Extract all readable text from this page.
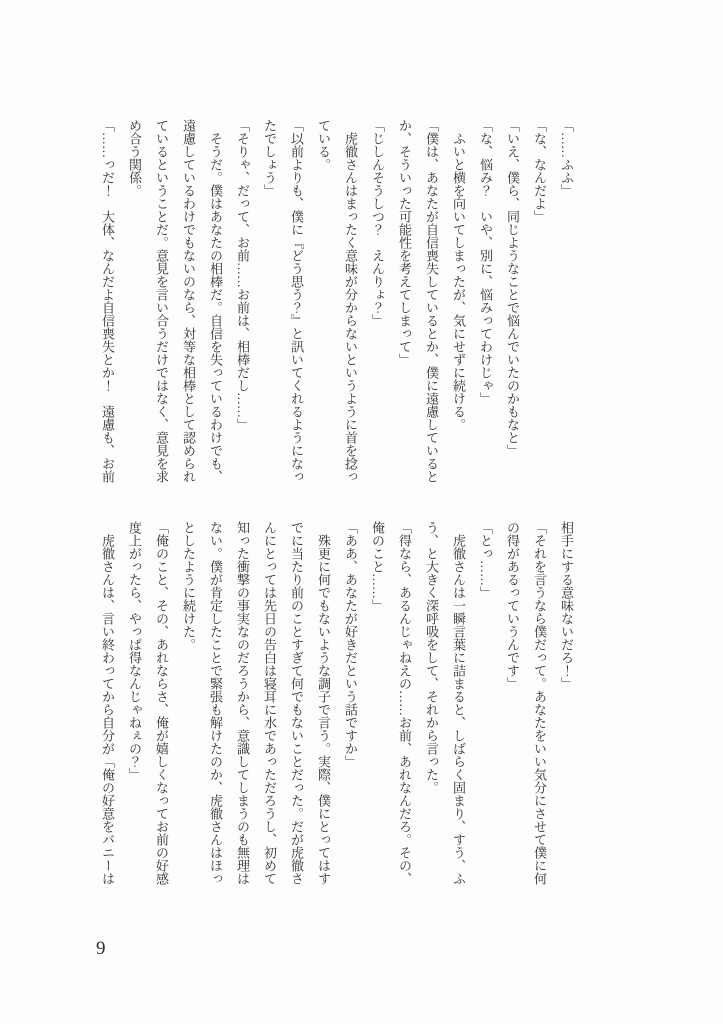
「……ふふ」

「な、なんだよ」

「いえ、僕ら、同じようなことで悩んでいたのかもなと」

「な、悩み？　いや、別に、悩みってわけじゃ」

　ふいと横を向いてしまったが、気にせずに続ける。

「僕は、あなたが自信喪失しているとか、僕に遠慮していると

か、そういった可能性を考えてしまって」

「じしんそうしつ？　えんりょ？」

　虎徹さんはまったく意味が分からないというように首を捻っ

ている。

「以前よりも、僕に『どう思う？』と訊いてくれるようになっ

たでしょう」

「そりゃ、だって、お前……お前は、相棒だし……」

　そうだ。僕はあなたの相棒だ。自信を失っているわけでも、

遠慮しているわけでもないのなら、対等な相棒として認められ

ているということだ。意見を言い合うだけではなく、意見を求

め合う関係。

「……っだ！　大体、なんだよ自信喪失とか！　遠慮も、お前

相手にする意味ないだろ！」

「それを言うなら僕だって。あなたをいい気分にさせて僕に何

の得があるっていうんです」

「とっ……」

　虎徹さんは一瞬言葉に詰まると、しばらく固まり、すう、ふ

う、と大きく深呼吸をして、それから言った。

「得なら、あるんじゃねえの……お前、あれなんだろ。その、

俺のこと……」

「ああ、あなたが好きだという話ですか」

　殊更に何でもないような調子で言う。実際、僕にとってはす

でに当たり前のことすぎて何でもないことだった。だが虎徹さ

んにとっては先日の告白は寝耳に水であっただろうし、初めて

知った衝撃の事実なのだろうから、意識してしまうのも無理は

ない。僕が肯定したことで緊張も解けたのか、虎徹さんはほっ

としたように続けた。

「俺のこと、その、あれならさ、俺が嬉しくなってお前の好感

度上がったら、やっぱ得なんじゃねぇの？」

　虎徹さんは、言い終わってから自分が「俺の好意をバニーは

9
